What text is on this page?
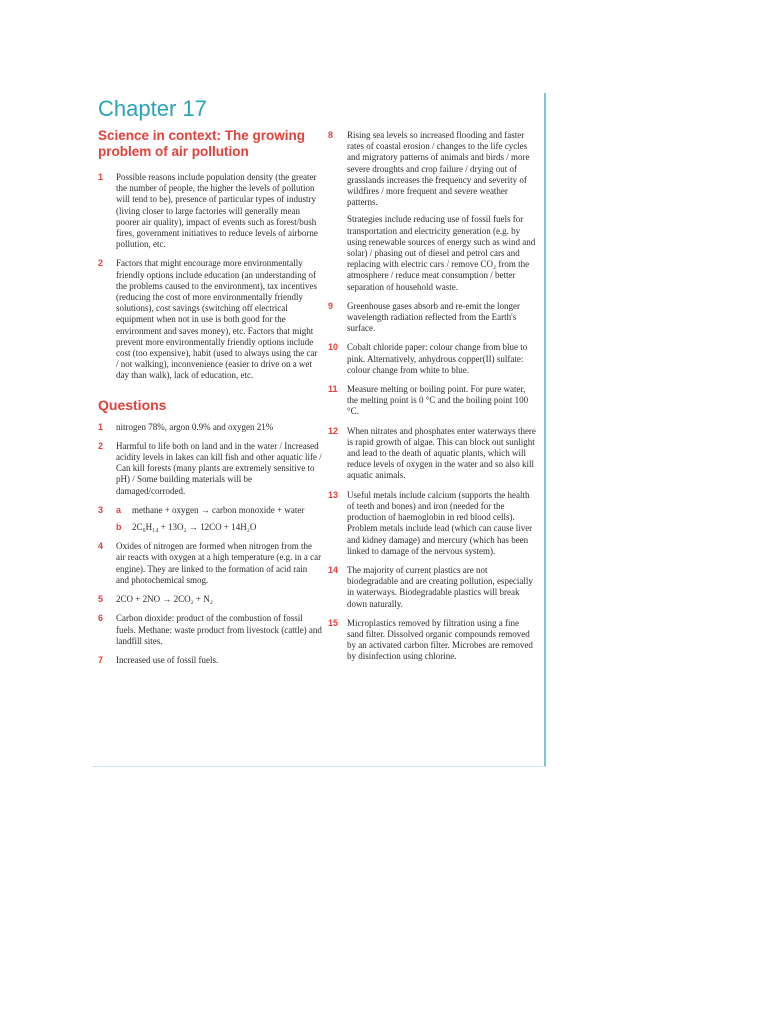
Chapter 17
Science in context: The growing problem of air pollution
1	Possible reasons include population density (the greater the number of people, the higher the levels of pollution will tend to be), presence of particular types of industry (living closer to large factories will generally mean poorer air quality), impact of events such as forest/bush fires, government initiatives to reduce levels of airborne pollution, etc.
2	Factors that might encourage more environmentally friendly options include education (an understanding of the problems caused to the environment), tax incentives (reducing the cost of more environmentally friendly solutions), cost savings (switching off electrical equipment when not in use is both good for the environment and saves money), etc. Factors that might prevent more environmentally friendly options include cost (too expensive), habit (used to always using the car / not walking), inconvenience (easier to drive on a wet day than walk), lack of education, etc.
Questions
1	nitrogen 78%, argon 0.9% and oxygen 21%
2	Harmful to life both on land and in the water / Increased acidity levels in lakes can kill fish and other aquatic life / Can kill forests (many plants are extremely sensitive to pH) / Some building materials will be damaged/corroded.
3	a	methane + oxygen → carbon monoxide + water
b	2C₆H₁₄ + 13O₂ → 12CO + 14H₂O
4	Oxides of nitrogen are formed when nitrogen from the air reacts with oxygen at a high temperature (e.g. in a car engine). They are linked to the formation of acid rain and photochemical smog.
5	2CO + 2NO → 2CO₂ + N₂
6	Carbon dioxide: product of the combustion of fossil fuels. Methane: waste product from livestock (cattle) and landfill sites.
7	Increased use of fossil fuels.
8	Rising sea levels so increased flooding and faster rates of coastal erosion / changes to the life cycles and migratory patterns of animals and birds / more severe droughts and crop failure / drying out of grasslands increases the frequency and severity of wildfires / more frequent and severe weather patterns.
Strategies include reducing use of fossil fuels for transportation and electricity generation (e.g. by using renewable sources of energy such as wind and solar) / phasing out of diesel and petrol cars and replacing with electric cars / remove CO₂ from the atmosphere / reduce meat consumption / better separation of household waste.
9	Greenhouse gases absorb and re-emit the longer wavelength radiation reflected from the Earth's surface.
10 Cobalt chloride paper: colour change from blue to pink. Alternatively, anhydrous copper(II) sulfate: colour change from white to blue.
11	Measure melting or boiling point. For pure water, the melting point is 0 °C and the boiling point 100 °C.
12 When nitrates and phosphates enter waterways there is rapid growth of algae. This can block out sunlight and lead to the death of aquatic plants, which will reduce levels of oxygen in the water and so also kill aquatic animals.
13 Useful metals include calcium (supports the health of teeth and bones) and iron (needed for the production of haemoglobin in red blood cells). Problem metals include lead (which can cause liver and kidney damage) and mercury (which has been linked to damage of the nervous system).
14 The majority of current plastics are not biodegradable and are creating pollution, especially in waterways. Biodegradable plastics will break down naturally.
15 Microplastics removed by filtration using a fine sand filter. Dissolved organic compounds removed by an activated carbon filter. Microbes are removed by disinfection using chlorine.
